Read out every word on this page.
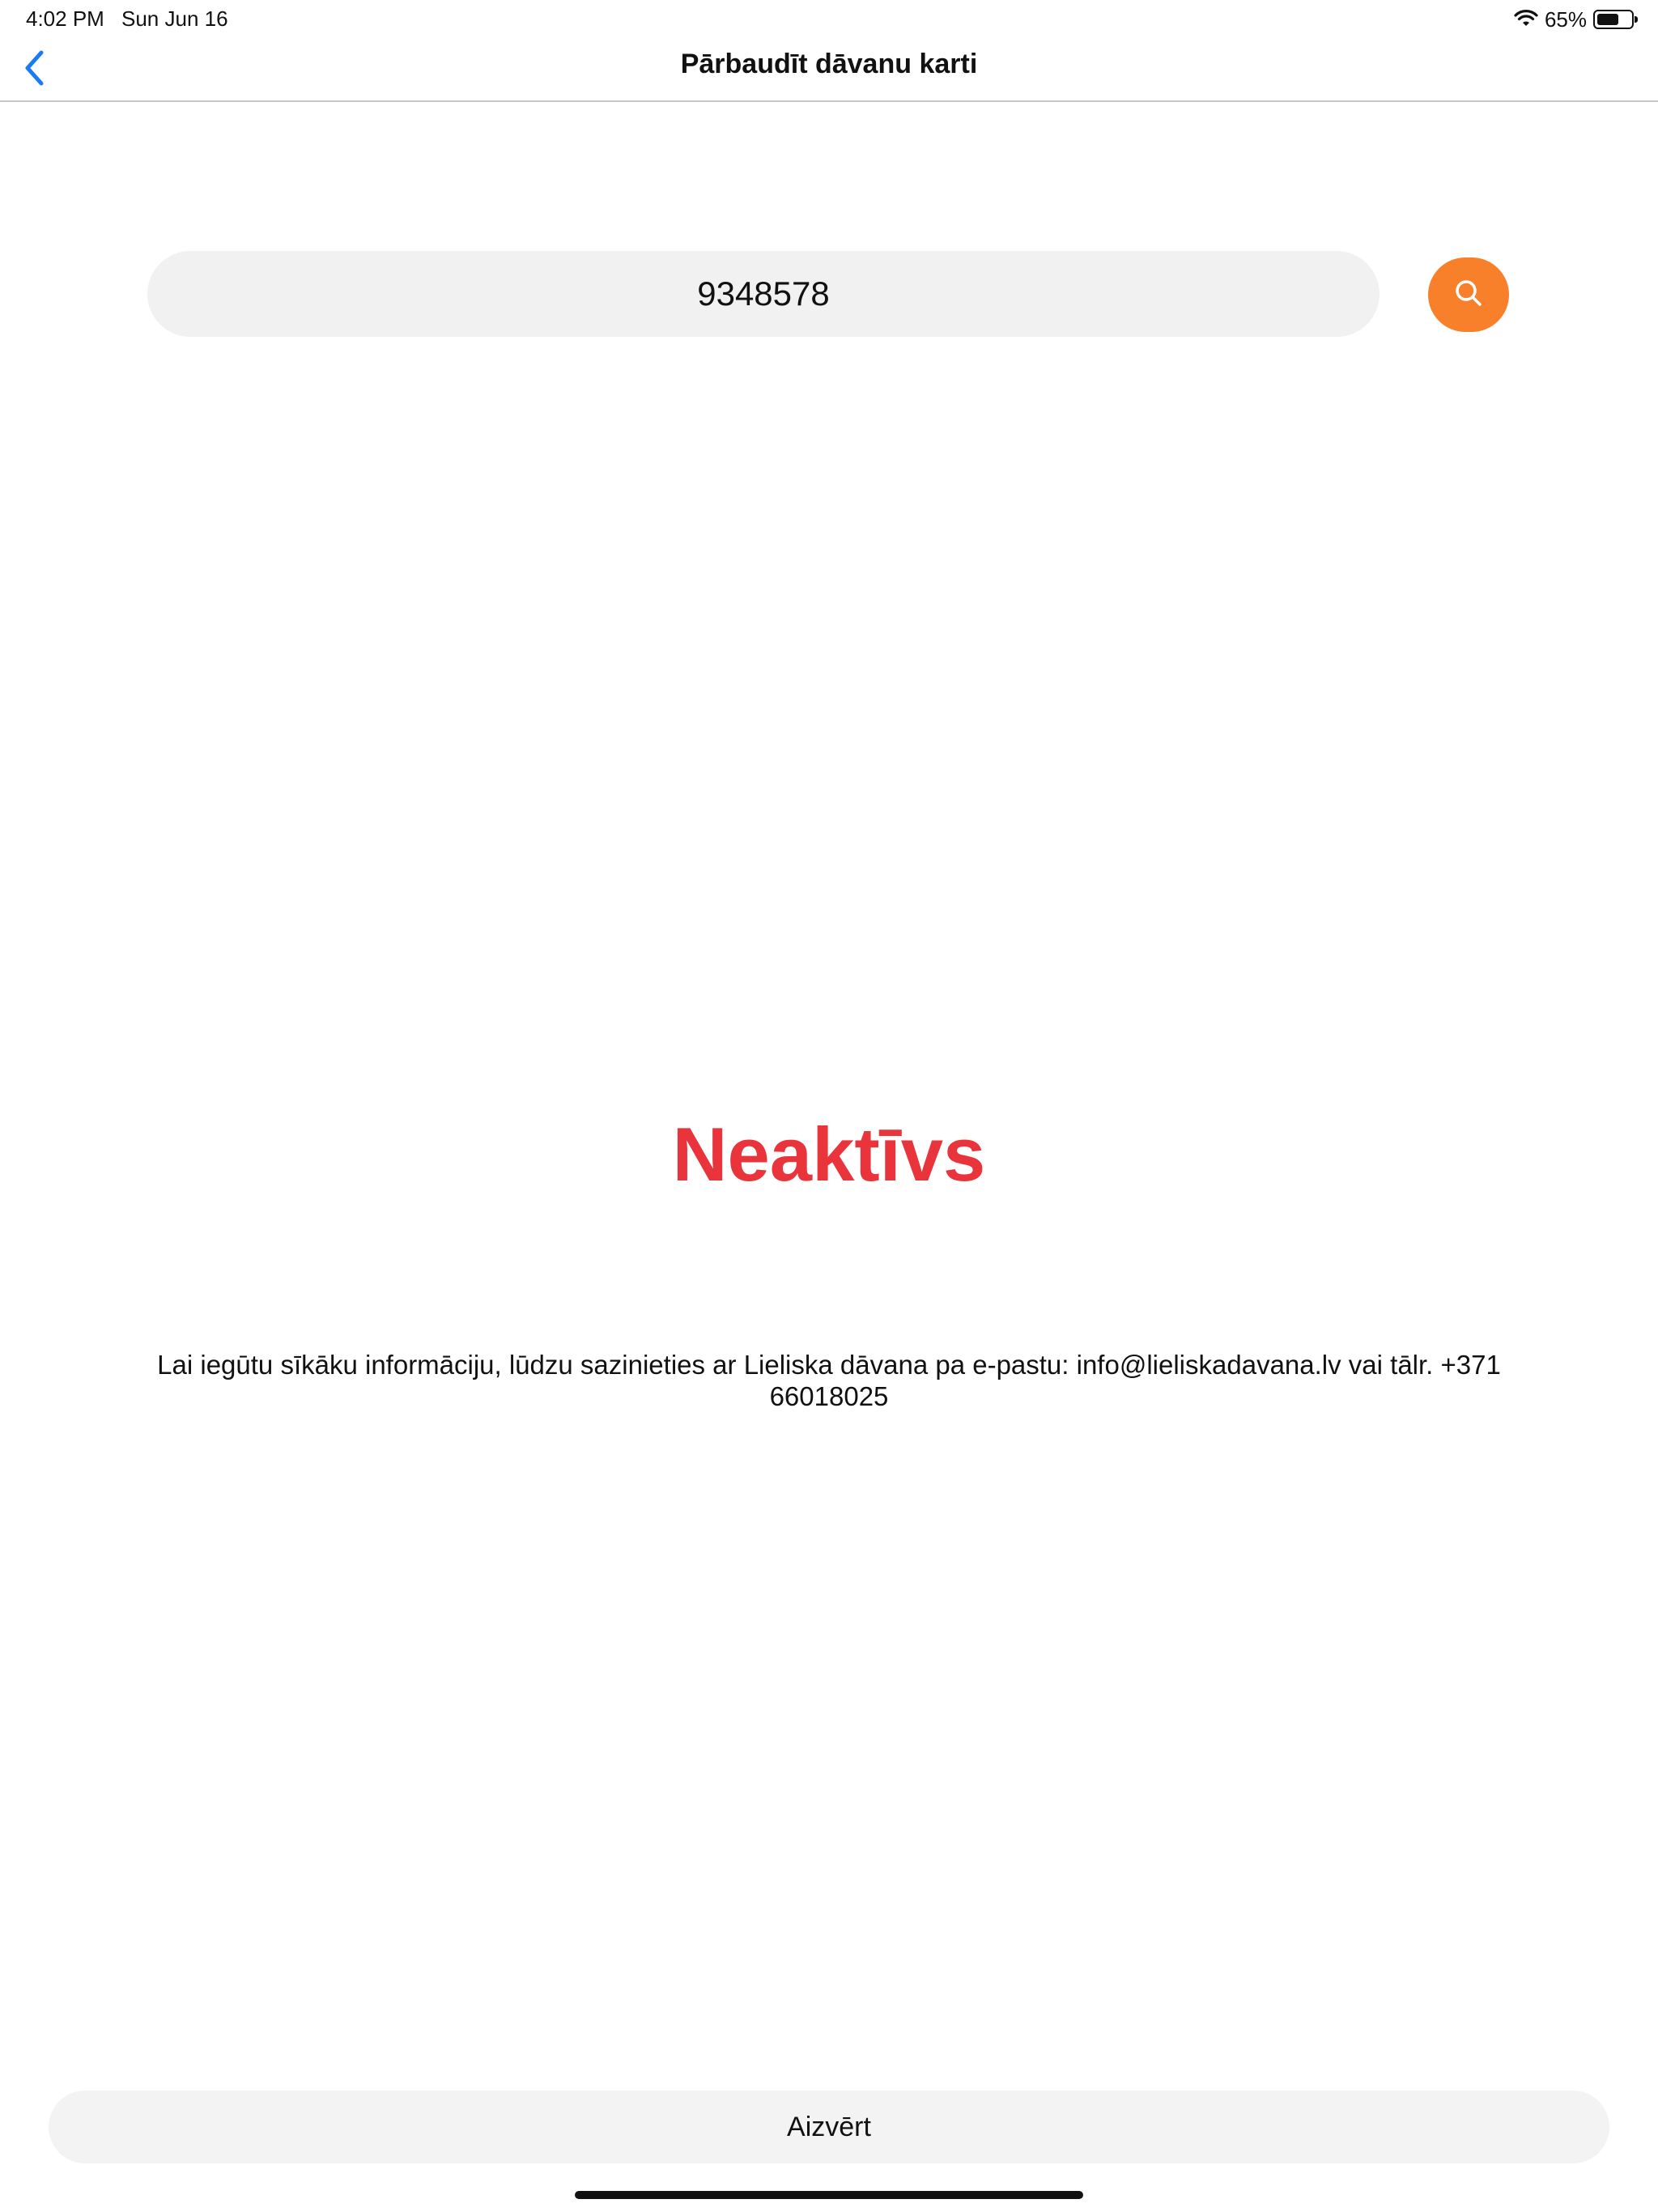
4:02 PM Sun Jun 16	65%
Pārbaudīt dāvanu karti
9348578
Neaktīvs
Lai iegūtu sīkāku informāciju, lūdzu sazinieties ar Lieliska dāvana pa e-pastu: info@lieliskadavana.lv vai tālr. +371 66018025
Aizvērt
